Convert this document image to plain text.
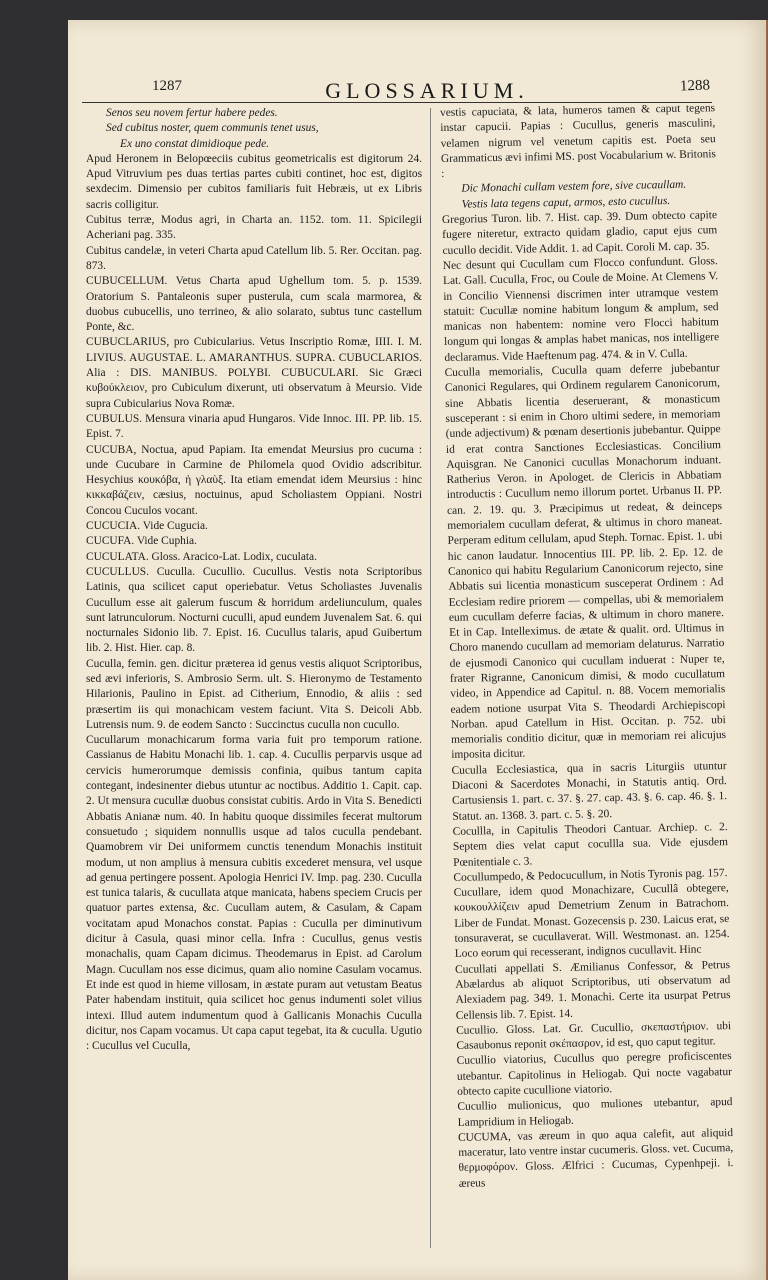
1287	GLOSSARIUM.	1288

Senos seu novem fertur habere pedes.

Sed cubitus noster, quem communis tenet usus,

Ex uno constat dimidioque pede.

Apud Heronem in Belopœeciis cubitus geometricalis est digitorum 24. Apud Vitruvium pes duas tertias partes cubiti continet, hoc est, digitos sexdecim. Dimensio per cubitos familiaris fuit Hebræis, ut ex Libris sacris colligitur.

Cubitus terræ, Modus agri, in Charta an. 1152. tom. 11. Spicilegii Acheriani pag. 335.

Cubitus candelæ, in veteri Charta apud Catellum lib. 5. Rer. Occitan. pag. 873.

CUBUCELLUM. Vetus Charta apud Ughellum tom. 5. p. 1539. Oratorium S. Pantaleonis super pusterula, cum scala marmorea, & duobus cubucellis, uno terrineo, & alio solarato, subtus tunc castellum Ponte, &c.

CUBUCLARIUS, pro Cubicularius. Vetus Inscriptio Romæ, IIII. I. M. LIVIUS. AUGUSTAE. L. AMARANTHUS. SUPRA. CUBUCLARIOS. Alia : DIS. MANIBUS. POLYBI. CUBUCULARI. Sic Græci κυβούκλειον, pro Cubiculum dixerunt, uti observatum à Meursio. Vide supra Cubicularius Nova Romæ.

CUBULUS. Mensura vinaria apud Hungaros. Vide Innoc. III. PP. lib. 15. Epist. 7.

CUCUBA, Noctua, apud Papiam. Ita emendat Meursius pro cucuma : unde Cucubare in Carmine de Philomela quod Ovidio adscribitur. Hesychius κουκόβα, ἡ γλαὺξ. Ita etiam emendat idem Meursius : hinc κικκαβάζειν, cæsius, noctuinus, apud Scholiastem Oppiani. Nostri Concou Cuculos vocant.

CUCUCIA. Vide Cugucia.

CUCUFA. Vide Cuphia.

CUCULATA. Gloss. Aracico-Lat. Lodix, cuculata.

CUCULLUS. Cuculla. Cucullio. Cucullus. Vestis nota Scriptoribus Latinis, qua scilicet caput operiebatur. Vetus Scholiastes Juvenalis Cucullum esse ait galerum fuscum & horridum ardeliunculum, quales sunt latrunculorum. Nocturni cuculli, apud eundem Juvenalem Sat. 6. qui nocturnales Sidonio lib. 7. Epist. 16. Cucullus talaris, apud Guibertum lib. 2. Hist. Hier. cap. 8.

Cuculla, femin. gen. dicitur præterea id genus vestis aliquot Scriptoribus, sed ævi inferioris, S. Ambrosio Serm. ult. S. Hieronymo de Testamento Hilarionis, Paulino in Epist. ad Citherium, Ennodio, & aliis : sed præsertim iis qui monachicam vestem faciunt. Vita S. Deicoli Abb. Lutrensis num. 9. de eodem Sancto : Succinctus cuculla non cucullo.

Cucullarum monachicarum forma varia fuit pro temporum ratione. Cassianus de Habitu Monachi lib. 1. cap. 4. Cucullis perparvis usque ad cervicis humerorumque demissis confinia, quibus tantum capita contegant, indesinenter diebus utuntur ac noctibus. Additio 1. Capit. cap. 2. Ut mensura cucullæ duobus consistat cubitis. Ardo in Vita S. Benedicti Abbatis Anianæ num. 40. In habitu quoque dissimiles fecerat multorum consuetudo ; siquidem nonnullis usque ad talos cuculla pendebant. Quamobrem vir Dei uniformem cunctis tenendum Monachis instituit modum, ut non amplius à mensura cubitis excederet mensura, vel usque ad genua pertingere possent. Apologia Henrici IV. Imp. pag. 230. Cuculla est tunica talaris, & cucullata atque manicata, habens speciem Crucis per quatuor partes extensa, &c. Cucullam autem, & Casulam, & Capam vocitatam apud Monachos constat. Papias : Cuculla per diminutivum dicitur à Casula, quasi minor cella. Infra : Cucullus, genus vestis monachalis, quam Capam dicimus. Theodemarus in Epist. ad Carolum Magn. Cucullam nos esse dicimus, quam alio nomine Casulam vocamus. Et inde est quod in hieme villosam, in æstate puram aut vetustam Beatus Pater habendam instituit, quia scilicet hoc genus indumenti solet vilius intexi. Illud autem indumentum quod à Gallicanis Monachis Cuculla dicitur, nos Capam vocamus. Ut capa caput tegebat, ita & cuculla. Ugutio : Cucullus vel Cuculla,

vestis capuciata, & lata, humeros tamen & caput tegens instar capucii. Papias : Cucullus, generis masculini, velamen nigrum vel venetum capitis est. Poeta seu Grammaticus ævi infimi MS. post Vocabularium w. Britonis :

Dic Monachi cullam vestem fore, sive cucaullam.

Vestis lata tegens caput, armos, esto cucullus.

Gregorius Turon. lib. 7. Hist. cap. 39. Dum obtecto capite fugere niteretur, extracto quidam gladio, caput ejus cum cucullo decidit. Vide Addit. 1. ad Capit. Coroli M. cap. 35.

Nec desunt qui Cucullam cum Flocco confundunt. Gloss. Lat. Gall. Cuculla, Froc, ou Coule de Moine. At Clemens V. in Concilio Viennensi discrimen inter utramque vestem statuit: Cucullæ nomine habitum longum & amplum, sed manicas non habentem: nomine vero Flocci habitum longum qui longas & amplas habet manicas, nos intelligere declaramus. Vide Haeftenum pag. 474. & in V. Culla.

Cuculla memorialis, Cuculla quam deferre jubebantur Canonici Regulares, qui Ordinem regularem Canonicorum, sine Abbatis licentia deseruerant, & monasticum susceperant : si enim in Choro ultimi sedere, in memoriam (unde adjectivum) & pœnam desertionis jubebantur. Quippe id erat contra Sanctiones Ecclesiasticas. Concilium Aquisgran. Ne Canonici cucullas Monachorum induant. Ratherius Veron. in Apologet. de Clericis in Abbatiam introductis : Cucullum nemo illorum portet. Urbanus II. PP. can. 2. 19. qu. 3. Præcipimus ut redeat, & deinceps memorialem cucullam deferat, & ultimus in choro maneat. Perperam editum cellulam, apud Steph. Tornac. Epist. 1. ubi hic canon laudatur. Innocentius III. PP. lib. 2. Ep. 12. de Canonico qui habitu Regularium Canonicorum rejecto, sine Abbatis sui licentia monasticum susceperat Ordinem : Ad Ecclesiam redire priorem — compellas, ubi & memorialem eum cucullam deferre facias, & ultimum in choro manere. Et in Cap. Intelleximus. de ætate & qualit. ord. Ultimus in Choro manendo cucullam ad memoriam delaturus. Narratio de ejusmodi Canonico qui cucullam induerat : Nuper te, frater Rigranne, Canonicum dimisi, & modo cucullatum video, in Appendice ad Capitul. n. 88. Vocem memorialis eadem notione usurpat Vita S. Theodardi Archiepiscopi Norban. apud Catellum in Hist. Occitan. p. 752. ubi memorialis conditio dicitur, quæ in memoriam rei alicujus imposita dicitur.

Cuculla Ecclesiastica, qua in sacris Liturgiis utuntur Diaconi & Sacerdotes Monachi, in Statutis antiq. Ord. Cartusiensis 1. part. c. 37. §. 27. cap. 43. §. 6. cap. 46. §. 1. Statut. an. 1368. 3. part. c. 5. §. 20.

Cocullla, in Capitulis Theodori Cantuar. Archiep. c. 2. Septem dies velat caput cocullla sua. Vide ejusdem Pœnitentiale c. 3.

Cocullumpedo, & Pedocucullum, in Notis Tyronis pag. 157.

Cucullare, idem quod Monachizare, Cucullâ obtegere, κουκουλλίζειν apud Demetrium Zenum in Batrachom. Liber de Fundat. Monast. Gozecensis p. 230. Laicus erat, se tonsuraverat, se cucullaverat. Will. Westmonast. an. 1254. Loco eorum qui recesserant, indignos cucullavit. Hinc

Cucullati appellati S. Æmilianus Confessor, & Petrus Abælardus ab aliquot Scriptoribus, uti observatum ad Alexiadem pag. 349. 1. Monachi. Certe ita usurpat Petrus Cellensis lib. 7. Epist. 14.

Cucullio. Gloss. Lat. Gr. Cucullio, σκεπαστήριον. ubi Casaubonus reponit σκέπασρον, id est, quo caput tegitur.

Cucullio viatorius, Cucullus quo peregre proficiscentes utebantur. Capitolinus in Heliogab. Qui nocte vagabatur obtecto capite cucullione viatorio.

Cucullio mulionicus, quo muliones utebantur, apud Lampridium in Heliogab.

CUCUMA, vas æreum in quo aqua calefit, aut aliquid maceratur, lato ventre instar cucumeris. Gloss. vet. Cucuma, θερμοφόρον. Gloss. Ælfrici : Cucumas, Cypenhpeji. i. æreus
